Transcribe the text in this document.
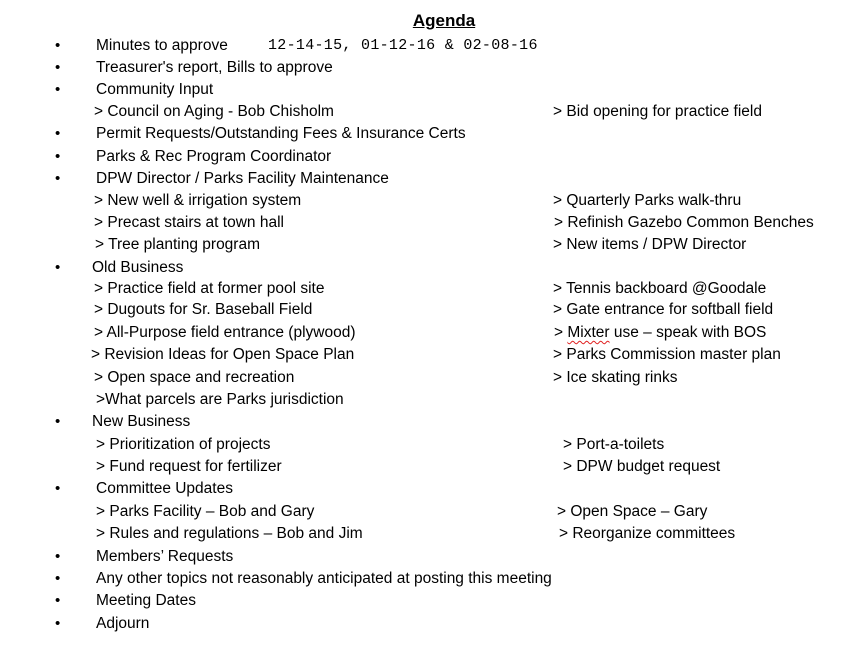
Agenda
• Minutes to approve	12-14-15, 01-12-16 & 02-08-16
• Treasurer's report, Bills to approve
• Community Input
> Council on Aging - Bob Chisholm	> Bid opening for practice field
• Permit Requests/Outstanding Fees & Insurance Certs
• Parks & Rec Program Coordinator
• DPW Director / Parks Facility Maintenance
> New well & irrigation system	> Quarterly Parks walk-thru
> Precast stairs at town hall	> Refinish Gazebo Common Benches
> Tree planting program	> New items / DPW Director
• Old Business
> Practice field at former pool site	> Tennis backboard @Goodale
> Dugouts for Sr. Baseball Field	> Gate entrance for softball field
> All-Purpose field entrance (plywood)	> Mixter use – speak with BOS
> Revision Ideas for Open Space Plan	> Parks Commission master plan
> Open space and recreation	> Ice skating rinks
>What parcels are Parks jurisdiction
• New Business
> Prioritization of projects	> Port-a-toilets
> Fund request for fertilizer	> DPW budget request
• Committee Updates
> Parks Facility – Bob and Gary	> Open Space – Gary
> Rules and regulations – Bob and Jim	> Reorganize committees
• Members’ Requests
• Any other topics not reasonably anticipated at posting this meeting
• Meeting Dates
• Adjourn
